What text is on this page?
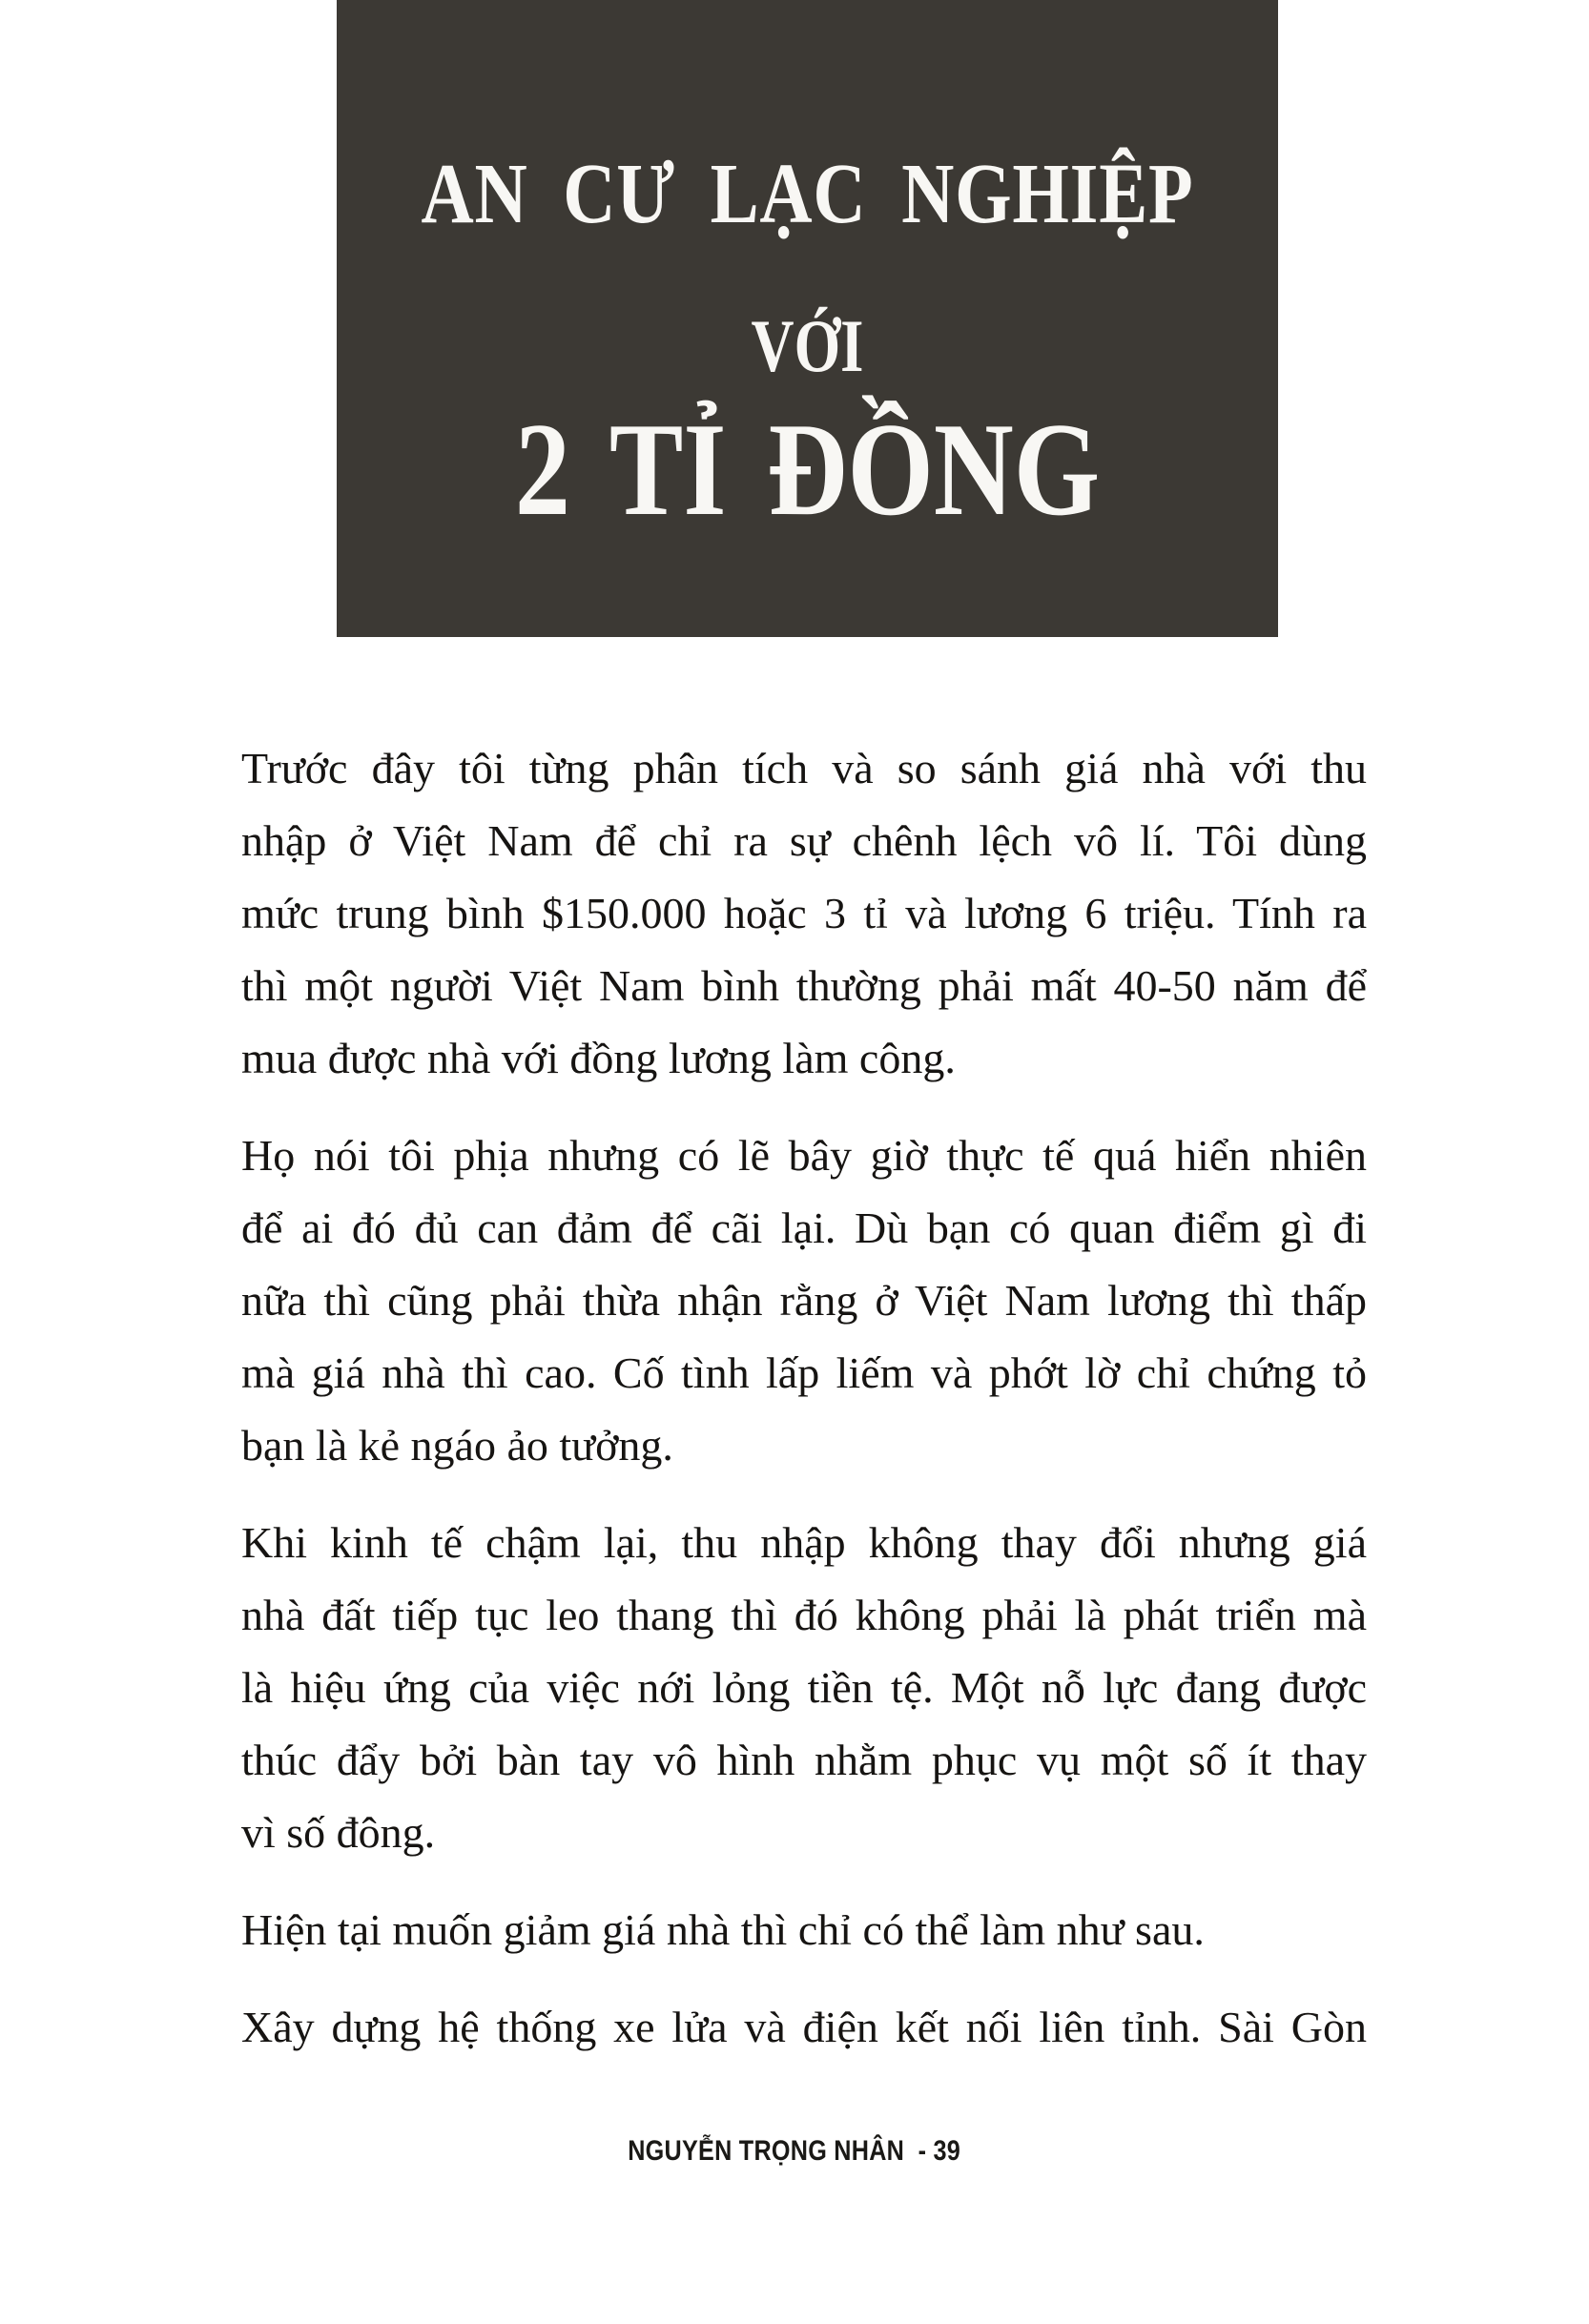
AN CƯ LẠC NGHIỆP
VỚI
2 TỈ ĐỒNG
Trước đây tôi từng phân tích và so sánh giá nhà với thu
nhập ở Việt Nam để chỉ ra sự chênh lệch vô lí. Tôi dùng
mức trung bình $150.000 hoặc 3 tỉ và lương 6 triệu. Tính ra
thì một người Việt Nam bình thường phải mất 40-50 năm để
mua được nhà với đồng lương làm công.
Họ nói tôi phịa nhưng có lẽ bây giờ thực tế quá hiển nhiên
để ai đó đủ can đảm để cãi lại. Dù bạn có quan điểm gì đi
nữa thì cũng phải thừa nhận rằng ở Việt Nam lương thì thấp
mà giá nhà thì cao. Cố tình lấp liếm và phớt lờ chỉ chứng tỏ
bạn là kẻ ngáo ảo tưởng.
Khi kinh tế chậm lại, thu nhập không thay đổi nhưng giá
nhà đất tiếp tục leo thang thì đó không phải là phát triển mà
là hiệu ứng của việc nới lỏng tiền tệ. Một nỗ lực đang được
thúc đẩy bởi bàn tay vô hình nhằm phục vụ một số ít thay
vì số đông.
Hiện tại muốn giảm giá nhà thì chỉ có thể làm như sau.
Xây dựng hệ thống xe lửa và điện kết nối liên tỉnh. Sài Gòn
NGUYỄN TRỌNG NHÂN  - 39
